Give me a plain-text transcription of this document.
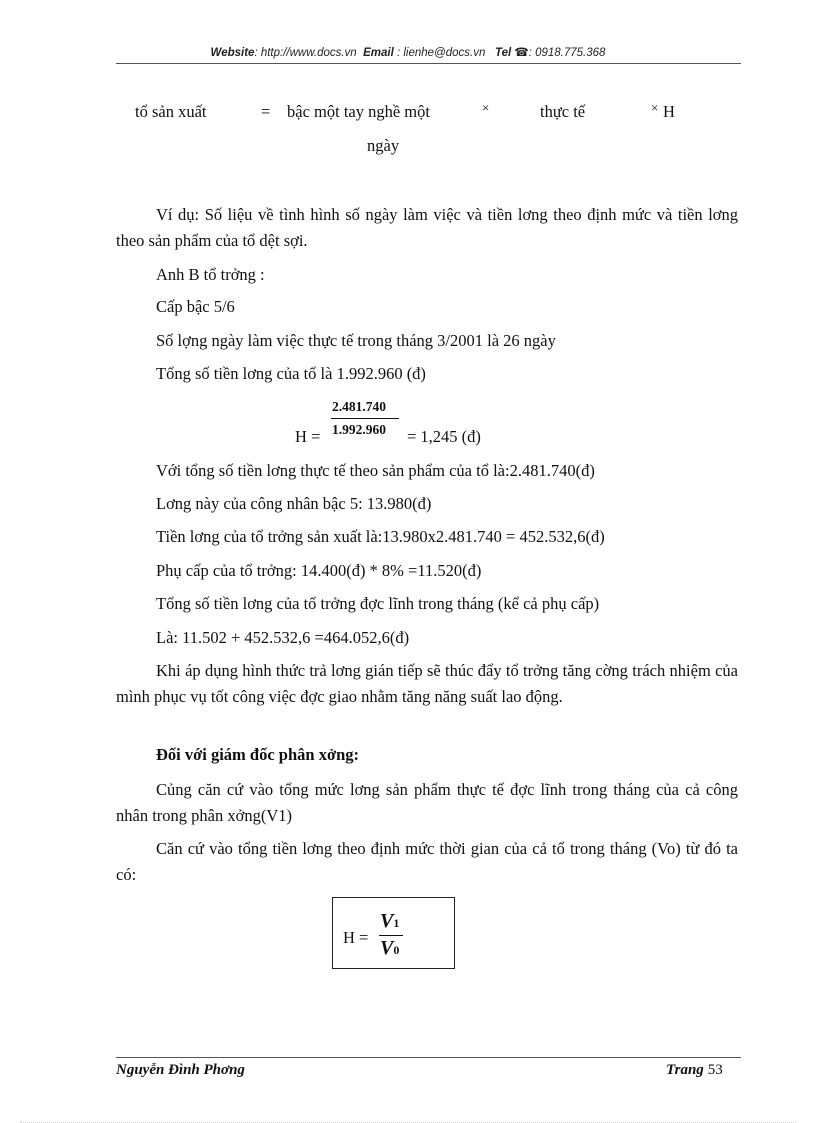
Website: http://www.docs.vn Email : lienhe@docs.vn Tel ☎: 0918.775.368
tổ sản xuất	= bậc một tay nghề một	×	thực tế	× H
ngày
Ví dụ: Số liệu về tình hình số ngày làm việc và tiền lơng theo định mức và tiền lơng theo sản phẩm của tổ dệt sợi.
Anh B tổ trởng :
Cấp bậc 5/6
Số lợng ngày làm việc thực tế trong tháng 3/2001 là 26 ngày
Tổng số tiền lơng của tổ là 1.992.960 (đ)
H =
2.481.740
1.992.960 = 1,245 (đ)
Với tổng số tiền lơng thực tế theo sản phẩm của tổ là:2.481.740(đ)
Lơng này của công nhân bậc 5: 13.980(đ)
Tiền lơng của tổ trởng sản xuất là:13.980x2.481.740 = 452.532,6(đ)
Phụ cấp của tổ trởng: 14.400(đ) * 8% =11.520(đ)
Tổng số tiền lơng của tổ trởng đợc lĩnh trong tháng (kể cả phụ cấp)
Là: 11.502 + 452.532,6 =464.052,6(đ)
Khi áp dụng hình thức trả lơng gián tiếp sẽ thúc đẩy tổ trởng tăng cờng trách nhiệm của mình phục vụ tốt công việc đợc giao nhằm tăng năng suất lao động.
Đối với giám đốc phân xởng:
Củng căn cứ vào tổng mức lơng sản phẩm thực tế đợc lĩnh trong tháng của cả công nhân trong phân xởng(V1)
Căn cứ vào tổng tiền lơng theo định mức thời gian của cả tổ trong tháng (Vo) từ đó ta có:
H =
V1
V0
Nguyễn Đình Phơng	Trang 53
